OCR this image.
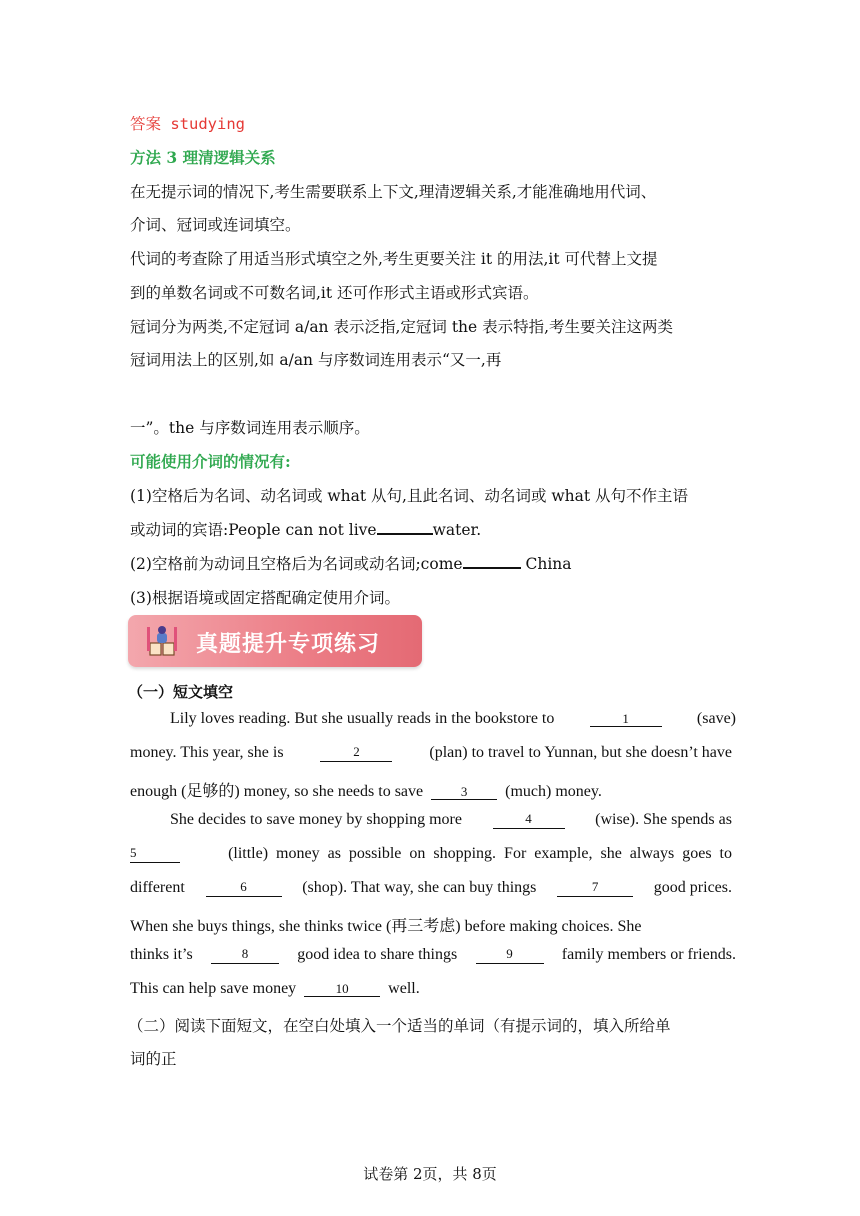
答案 studying
方法 3 理清逻辑关系
在无提示词的情况下,考生需要联系上下文,理清逻辑关系,才能准确地用代词、
介词、冠词或连词填空。
代词的考查除了用适当形式填空之外,考生更要关注 it 的用法,it 可代替上文提
到的单数名词或不可数名词,it 还可作形式主语或形式宾语。
冠词分为两类,不定冠词 a/an 表示泛指,定冠词 the 表示特指,考生要关注这两类
冠词用法上的区别,如 a/an 与序数词连用表示“又一,再
一”。the 与序数词连用表示顺序。
可能使用介词的情况有:
(1)空格后为名词、动名词或 what 从句,且此名词、动名词或 what 从句不作主语
或动词的宾语:People can not live	water.
(2)空格前为动词且空格后为名词或动名词;come	China
(3)根据语境或固定搭配确定使用介词。
真题提升专项练习
（一）短文填空
Lily loves reading. But she usually reads in the bookstore to	1	(save)
money. This year, she is	2	(plan) to travel to Yunnan, but she doesn’t have
enough (足够的) money, so she needs to save	3 (much) money.
She decides to save money by shopping more	4	(wise). She spends as
5	(little)  money  as  possible  on  shopping.  For  example,  she  always  goes  to
different	6	(shop). That way, she can buy things	7	good prices.
When she buys things, she thinks twice (再三考虑) before making choices. She
thinks it’s	8	good idea to share things	9	family members or friends.
This can help save money	10 well.
（二）阅读下面短文，在空白处填入一个适当的单词（有提示词的，填入所给单
词的正
试卷第 2页，共 8页
